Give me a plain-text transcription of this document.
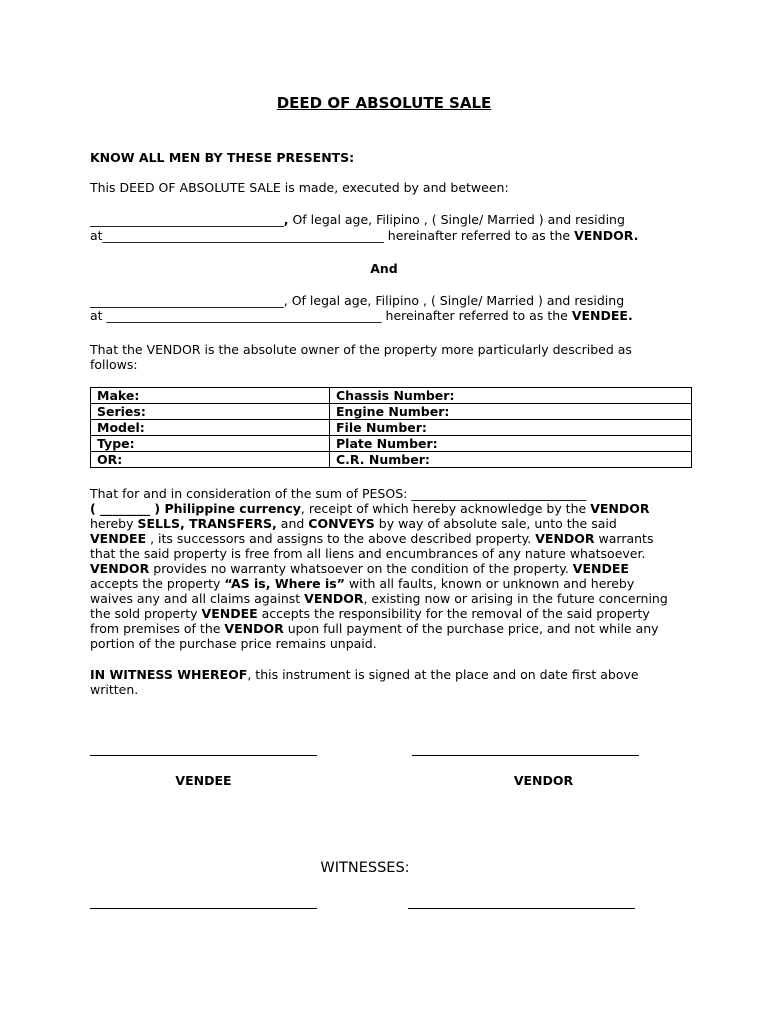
DEED OF ABSOLUTE SALE
KNOW ALL MEN BY THESE PRESENTS:
This DEED OF ABSOLUTE SALE is made, executed by and between:
_______________________________, Of legal age, Filipino , ( Single/ Married ) and residing
at_____________________________________________ hereinafter referred to as the VENDOR.
And
_______________________________, Of legal age, Filipino , ( Single/ Married ) and residing
at ____________________________________________ hereinafter referred to as the VENDEE.
That the VENDOR is the absolute owner of the property more particularly described as
follows:
Make:	Chassis Number:
Series:	Engine Number:
Model:	File Number:
Type:	Plate Number:
OR:	C.R. Number:
That for and in consideration of the sum of PESOS: ____________________________
( ________ ) Philippine currency, receipt of which hereby acknowledge by the VENDOR
hereby SELLS, TRANSFERS, and CONVEYS by way of absolute sale, unto the said
VENDEE , its successors and assigns to the above described property. VENDOR warrants
that the said property is free from all liens and encumbrances of any nature whatsoever.
VENDOR provides no warranty whatsoever on the condition of the property. VENDEE
accepts the property “AS is, Where is” with all faults, known or unknown and hereby
waives any and all claims against VENDOR, existing now or arising in the future concerning
the sold property VENDEE accepts the responsibility for the removal of the said property
from premises of the VENDOR upon full payment of the purchase price, and not while any
portion of the purchase price remains unpaid.
IN WITNESS WHEREOF, this instrument is signed at the place and on date first above
written.
VENDEE	VENDOR
WITNESSES:
